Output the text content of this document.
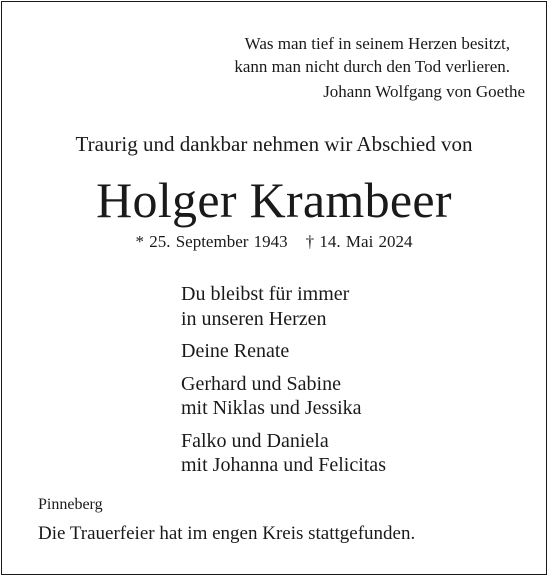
Was man tief in seinem Herzen besitzt,
kann man nicht durch den Tod verlieren.
Johann Wolfgang von Goethe
Traurig und dankbar nehmen wir Abschied von
Holger Krambeer
* 25. September 1943 † 14. Mai 2024
Du bleibst für immer
in unseren Herzen
Deine Renate
Gerhard und Sabine
mit Niklas und Jessika
Falko und Daniela
mit Johanna und Felicitas
Pinneberg
Die Trauerfeier hat im engen Kreis stattgefunden.
